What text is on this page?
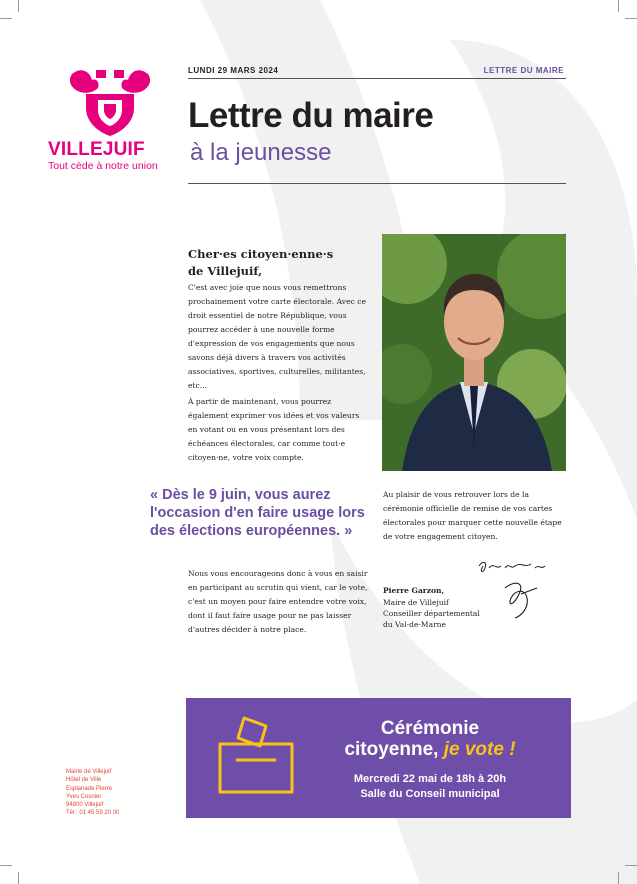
VILLEJUIF
Tout cède à notre union
LUNDI 29 MARS 2024	LETTRE DU MAIRE
Lettre du maire
à la jeunesse
Cher·es citoyen·enne·s
de Villejuif,
C'est avec joie que nous vous remettrons prochainement votre carte électorale. Avec ce droit essentiel de notre République, vous pourrez accéder à une nouvelle forme d'expression de vos engagements que nous savons déjà divers à travers vos activités associatives, sportives, culturelles, militantes, etc...
À partir de maintenant, vous pourrez également exprimer vos idées et vos valeurs en votant ou en vous présentant lors des échéances électorales, car comme tout·e citoyen·ne, votre voix compte.
« Dès le 9 juin, vous aurez l'occasion d'en faire usage lors des élections européennes. »
Nous vous encourageons donc à vous en saisir en participant au scrutin qui vient, car le vote, c'est un moyen pour faire entendre votre voix, dont il faut faire usage pour ne pas laisser d'autres décider à notre place.
Au plaisir de vous retrouver lors de la cérémonie officielle de remise de vos cartes électorales pour marquer cette nouvelle étape de votre engagement citoyen.
Pierre Garzon,
Maire de Villejuif
Conseiller départemental
du Val-de-Marne
Mairie de Villejuif
Hôtel de Ville
Esplanade Pierre
Yves Cosnier
94800 Villejuif
Tél : 01 45 59 20 00
Cérémonie
citoyenne, je vote !
Mercredi 22 mai de 18h à 20h
Salle du Conseil municipal
